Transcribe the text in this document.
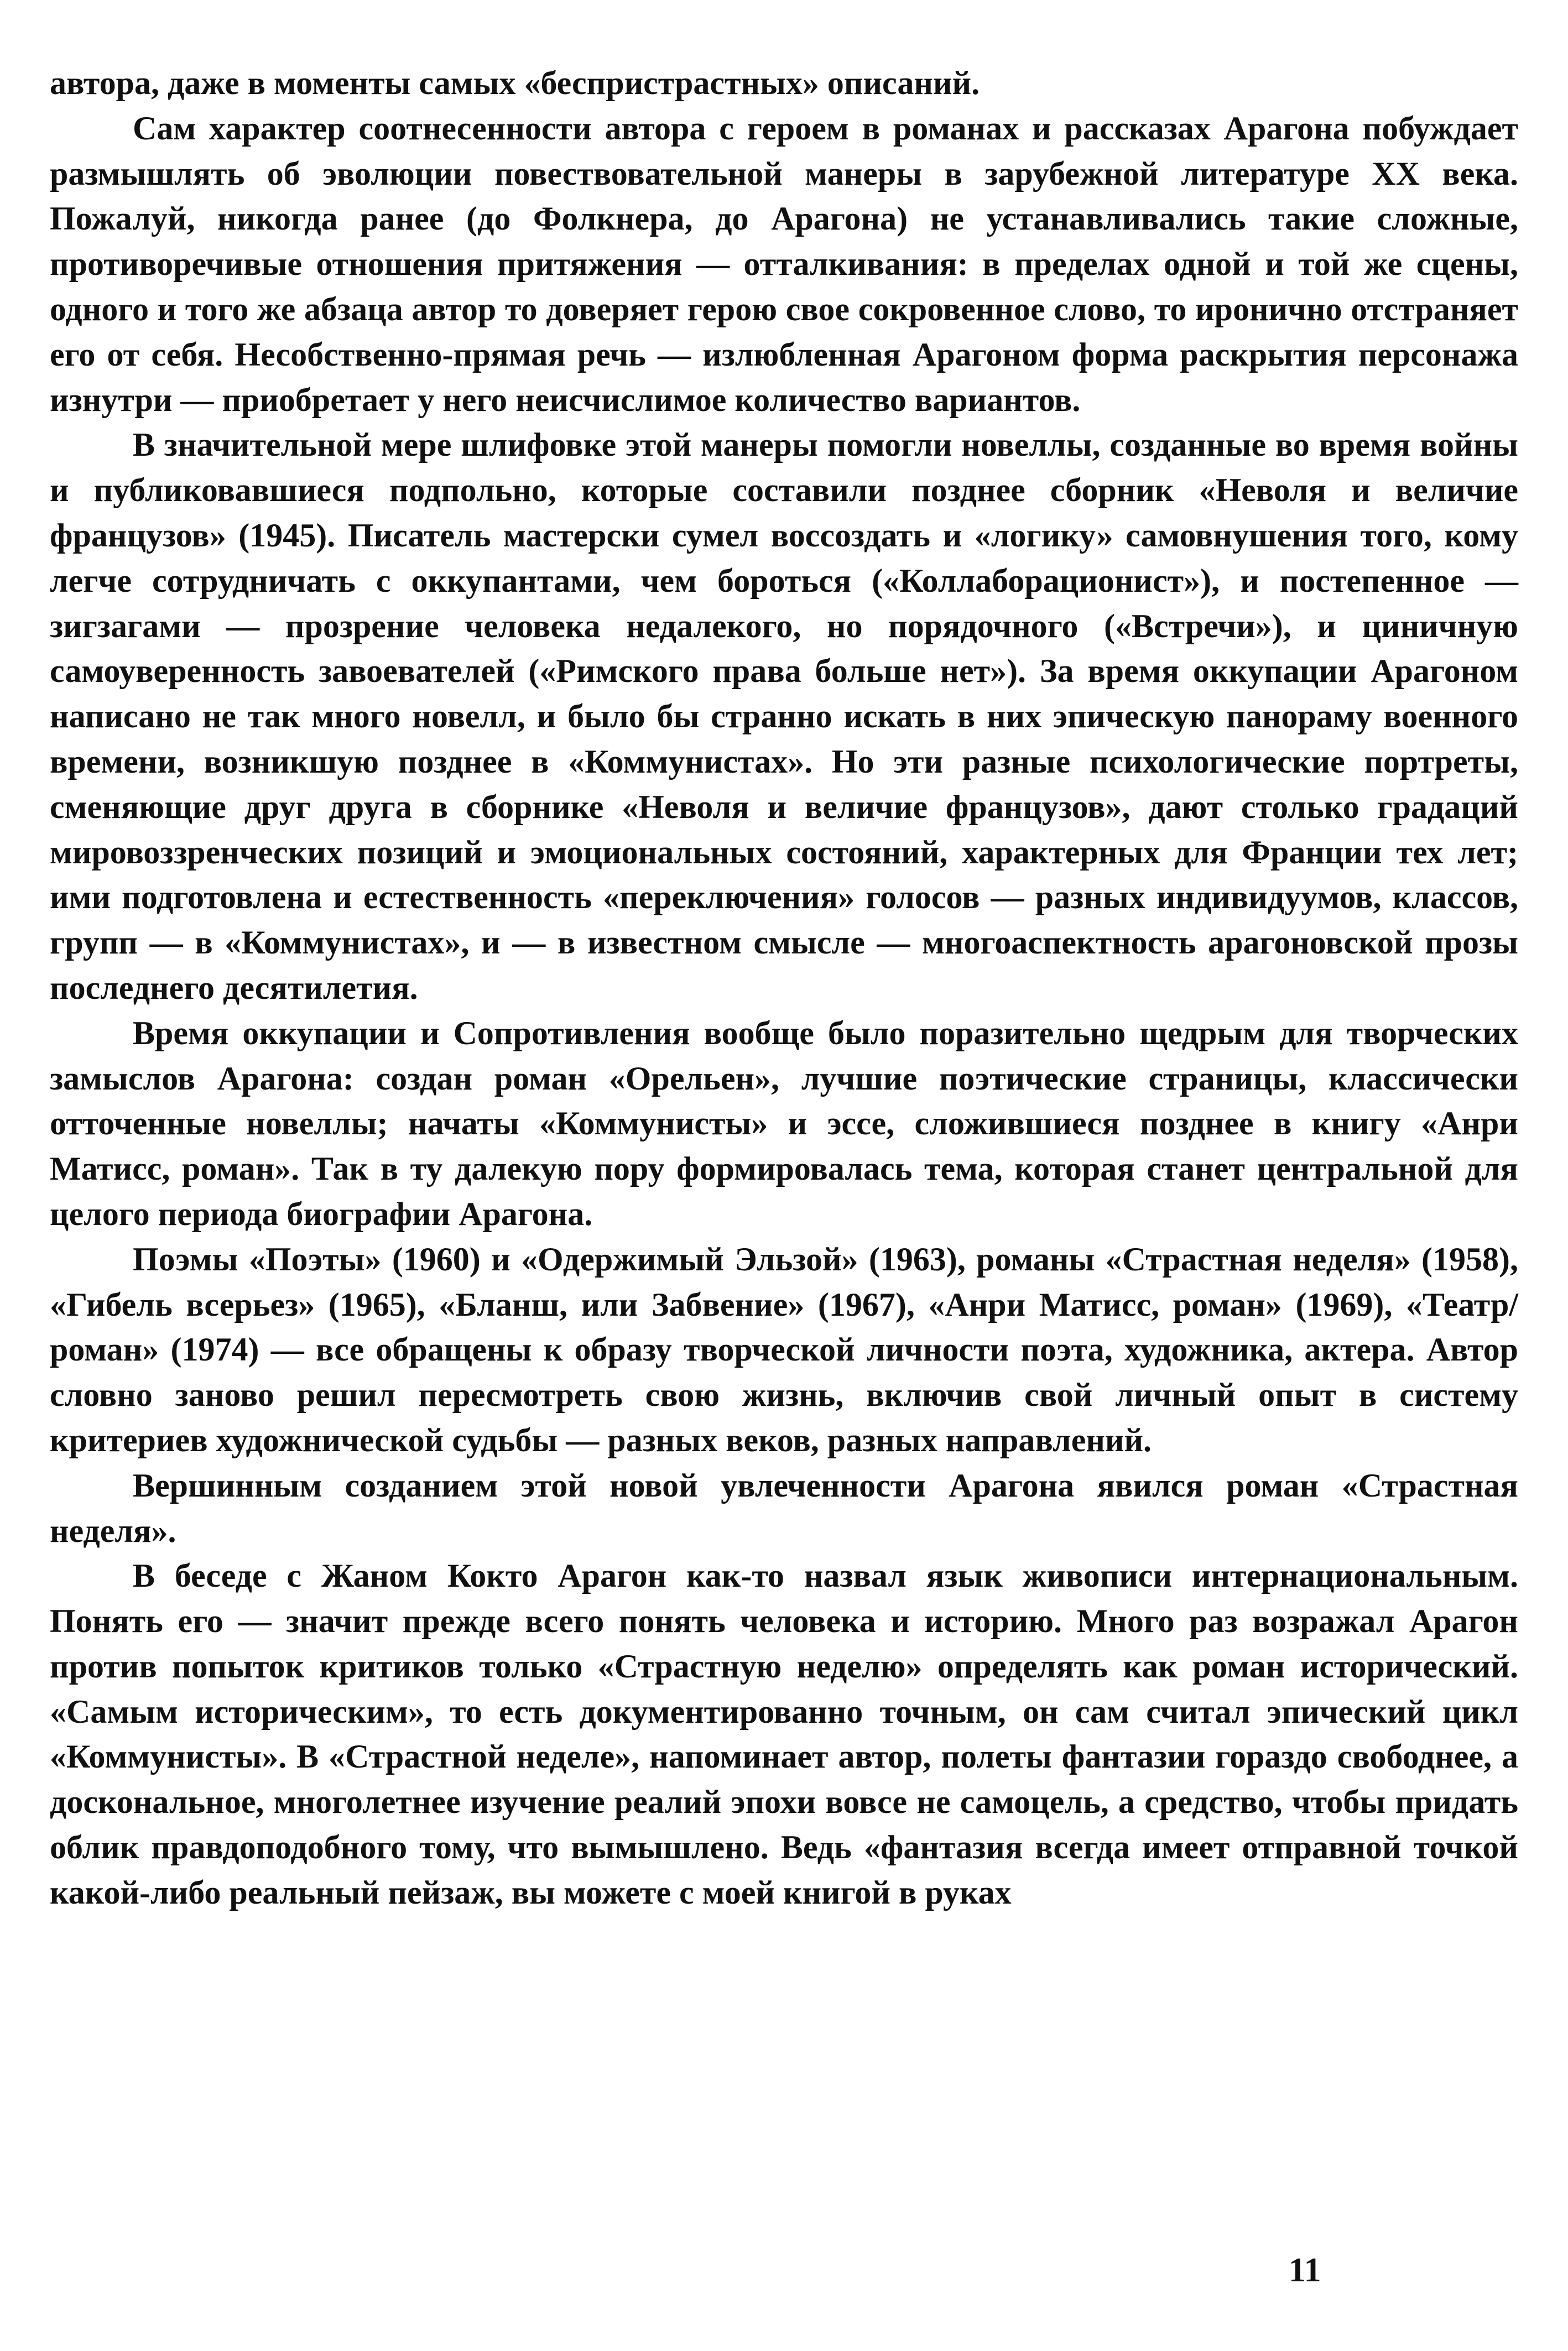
автора, даже в моменты самых «беспристрастных» описаний.

Сам характер соотнесенности автора с героем в романах и рассказах Арагона побуждает размышлять об эволюции повествовательной манеры в зарубежной литературе XX века. Пожалуй, никогда ранее (до Фолкнера, до Арагона) не устанавливались такие сложные, противоречивые отношения притяжения — отталкивания: в пределах одной и той же сцены, одного и того же абзаца автор то доверяет герою свое сокровенное слово, то иронично отстраняет его от себя. Несобственно-прямая речь — излюбленная Арагоном форма раскрытия персонажа изнутри — приобретает у него неисчислимое количество вариантов.

В значительной мере шлифовке этой манеры помогли новеллы, созданные во время войны и публиковавшиеся подпольно, которые составили позднее сборник «Неволя и величие французов» (1945). Писатель мастерски сумел воссоздать и «логику» самовнушения того, кому легче сотрудничать с оккупантами, чем бороться («Коллаборационист»), и постепенное — зигзагами — прозрение человека недалекого, но порядочного («Встречи»), и циничную самоуверенность завоевателей («Римского права больше нет»). За время оккупации Арагоном написано не так много новелл, и было бы странно искать в них эпическую панораму военного времени, возникшую позднее в «Коммунистах». Но эти разные психологические портреты, сменяющие друг друга в сборнике «Неволя и величие французов», дают столько градаций мировоззренческих позиций и эмоциональных состояний, характерных для Франции тех лет; ими подготовлена и естественность «переключения» голосов — разных индивидуумов, классов, групп — в «Коммунистах», и — в известном смысле — многоаспектность арагоновской прозы последнего десятилетия.

Время оккупации и Сопротивления вообще было поразительно щедрым для творческих замыслов Арагона: создан роман «Орельен», лучшие поэтические страницы, классически отточенные новеллы; начаты «Коммунисты» и эссе, сложившиеся позднее в книгу «Анри Матисс, роман». Так в ту далекую пору формировалась тема, которая станет центральной для целого периода биографии Арагона.

Поэмы «Поэты» (1960) и «Одержимый Эльзой» (1963), романы «Страстная неделя» (1958), «Гибель всерьез» (1965), «Бланш, или Забвение» (1967), «Анри Матисс, роман» (1969), «Театр/роман» (1974) — все обращены к образу творческой личности поэта, художника, актера. Автор словно заново решил пересмотреть свою жизнь, включив свой личный опыт в систему критериев художнической судьбы — разных веков, разных направлений.

Вершинным созданием этой новой увлеченности Арагона явился роман «Страстная неделя».

В беседе с Жаном Кокто Арагон как-то назвал язык живописи интернациональным. Понять его — значит прежде всего понять человека и историю. Много раз возражал Арагон против попыток критиков только «Страстную неделю» определять как роман исторический. «Самым историческим», то есть документированно точным, он сам считал эпический цикл «Коммунисты». В «Страстной неделе», напоминает автор, полеты фантазии гораздо свободнее, а доскональное, многолетнее изучение реалий эпохи вовсе не самоцель, а средство, чтобы придать облик правдоподобного тому, что вымышлено. Ведь «фантазия всегда имеет отправной точкой какой-либо реальный пейзаж, вы можете с моей книгой в руках

11
